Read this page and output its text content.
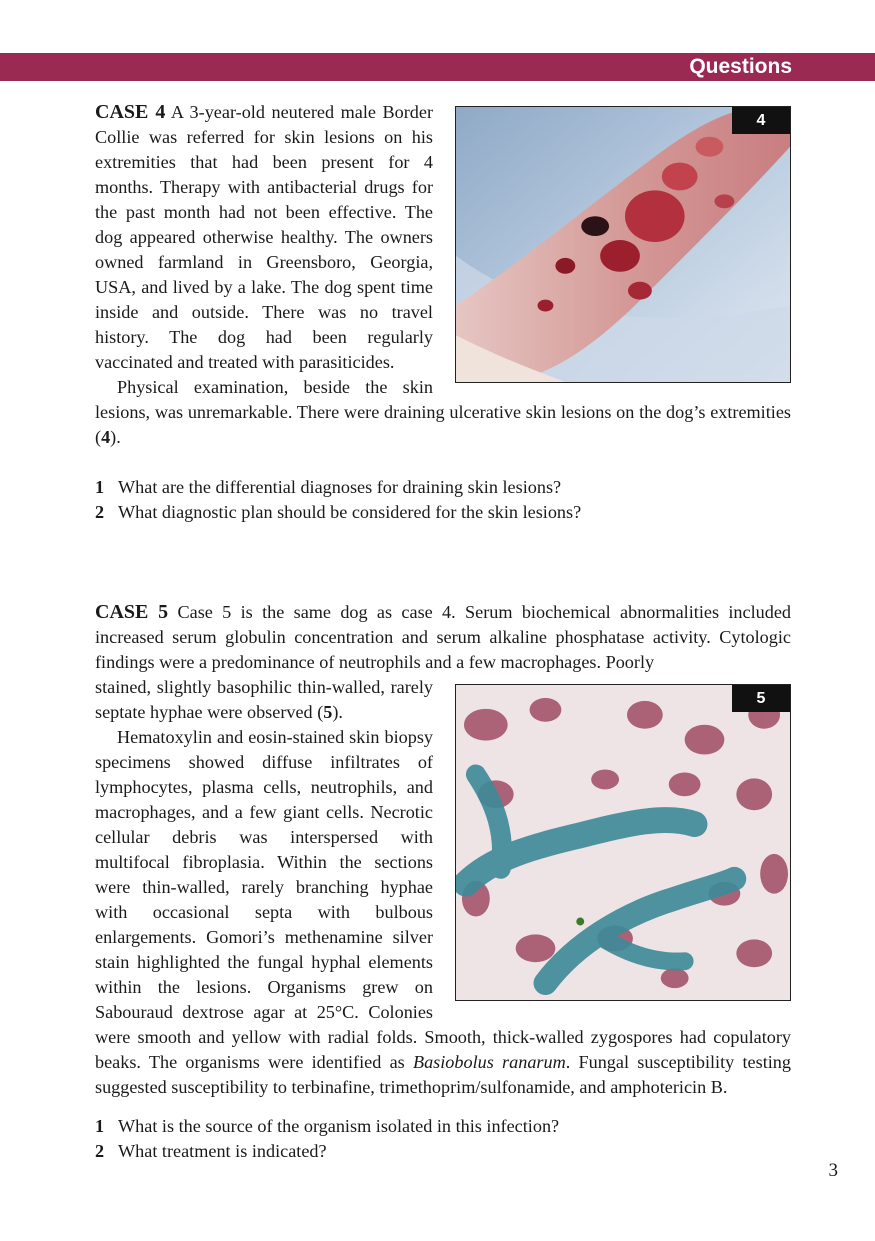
Questions
4

CASE 4 A 3-year-old neutered male Border Collie was referred for skin lesions on his extremities that had been present for 4 months. Therapy with antibacterial drugs for the past month had not been effective. The dog appeared otherwise healthy. The owners owned farmland in Greensboro, Georgia, USA, and lived by a lake. The dog spent time inside and outside. There was no travel history. The dog had been regularly vaccinated and treated with parasiticides.

Physical examination, beside the skin lesions, was unremarkable. There were draining ulcerative skin lesions on the dog’s extremities (4).

1 What are the differential diagnoses for draining skin lesions?
2 What diagnostic plan should be considered for the skin lesions?

CASE 5 Case 5 is the same dog as case 4. Serum biochemical abnormalities included increased serum globulin concentration and serum alkaline phosphatase activity. Cytologic findings were a predominance of neutrophils and a few macrophages. Poorly

5

stained, slightly basophilic thin-walled, rarely septate hyphae were observed (5).

Hematoxylin and eosin-stained skin biopsy specimens showed diffuse infiltrates of lymphocytes, plasma cells, neutrophils, and macrophages, and a few giant cells. Necrotic cellular debris was interspersed with multifocal fibroplasia. Within the sections were thin-walled, rarely branching hyphae with occasional septa with bulbous enlargements. Gomori’s methenamine silver stain highlighted the fungal hyphal elements within the lesions. Organisms grew on Sabouraud dextrose agar at 25°C. Colonies were smooth and yellow with radial folds. Smooth, thick-walled zygospores had copulatory beaks. The organisms were identified as Basiobolus ranarum. Fungal susceptibility testing suggested susceptibility to terbinafine, trimethoprim/sulfonamide, and amphotericin B.

1 What is the source of the organism isolated in this infection?
2 What treatment is indicated?
3
